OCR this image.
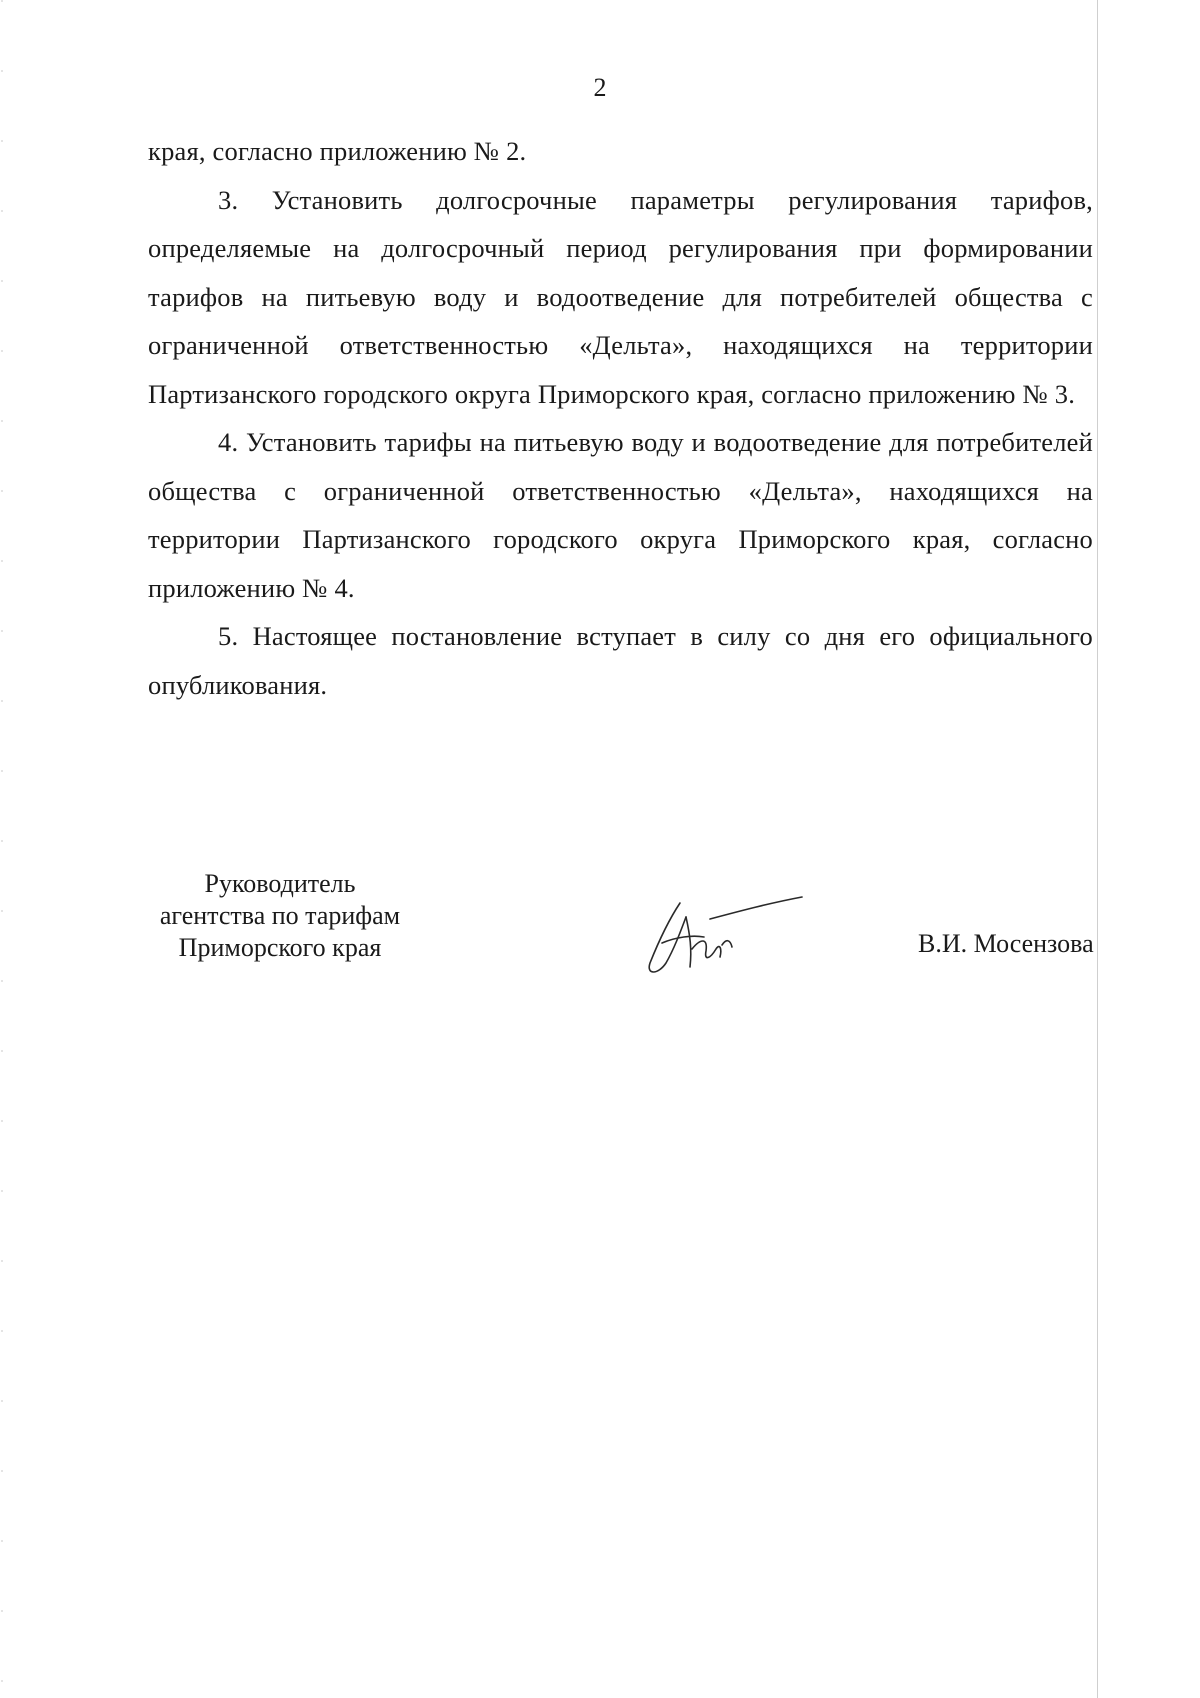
2

края, согласно приложению № 2.

3. Установить долгосрочные параметры регулирования тарифов, определяемые на долгосрочный период регулирования при формировании тарифов на питьевую воду и водоотведение для потребителей общества с ограниченной ответственностью «Дельта», находящихся на территории Партизанского городского округа Приморского края, согласно приложению № 3.

4. Установить тарифы на питьевую воду и водоотведение для потребителей общества с ограниченной ответственностью «Дельта», находящихся на территории Партизанского городского округа Приморского края, согласно приложению № 4.

5. Настоящее постановление вступает в силу со дня его официального опубликования.

Руководитель
агентства по тарифам
Приморского края	В.И. Мосензова
